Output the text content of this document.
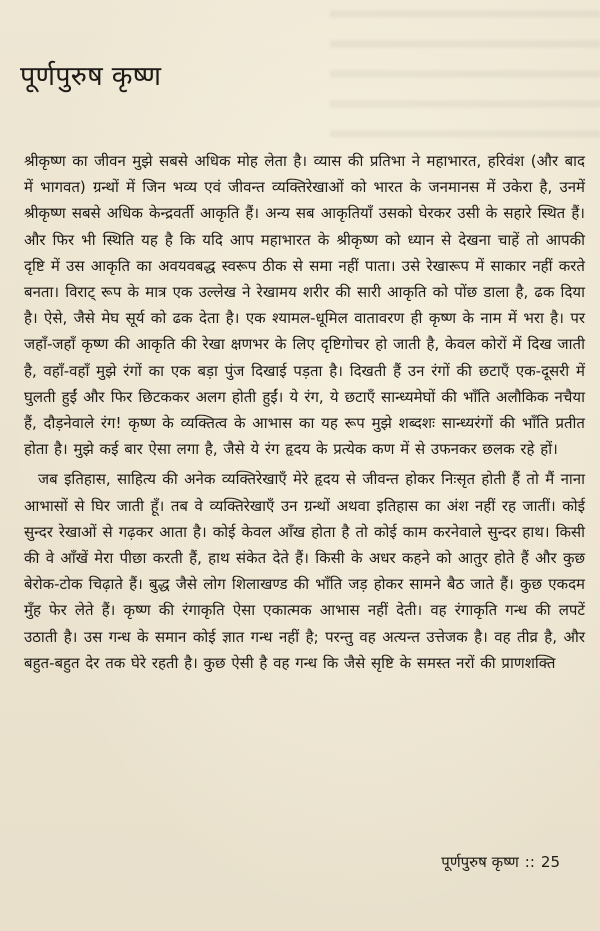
पूर्णपुरुष कृष्ण

श्रीकृष्ण का जीवन मुझे सबसे अधिक मोह लेता है। व्यास की प्रतिभा ने महाभारत, हरिवंश (और बाद में भागवत) ग्रन्थों में जिन भव्य एवं जीवन्त व्यक्तिरेखाओं को भारत के जनमानस में उकेरा है, उनमें श्रीकृष्ण सबसे अधिक केन्द्रवर्ती आकृति हैं। अन्य सब आकृतियाँ उसको घेरकर उसी के सहारे स्थित हैं। और फिर भी स्थिति यह है कि यदि आप महाभारत के श्रीकृष्ण को ध्यान से देखना चाहें तो आपकी दृष्टि में उस आकृति का अवयवबद्ध स्वरूप ठीक से समा नहीं पाता। उसे रेखारूप में साकार नहीं करते बनता। विराट् रूप के मात्र एक उल्लेख ने रेखामय शरीर की सारी आकृति को पोंछ डाला है, ढक दिया है। ऐसे, जैसे मेघ सूर्य को ढक देता है। एक श्यामल-धूमिल वातावरण ही कृष्ण के नाम में भरा है। पर जहाँ-जहाँ कृष्ण की आकृति की रेखा क्षणभर के लिए दृष्टिगोचर हो जाती है, केवल कोरों में दिख जाती है, वहाँ-वहाँ मुझे रंगों का एक बड़ा पुंज दिखाई पड़ता है। दिखती हैं उन रंगों की छटाएँ एक-दूसरी में घुलती हुईं और फिर छिटककर अलग होती हुईं। ये रंग, ये छटाएँ सान्ध्यमेघों की भाँति अलौकिक नचैया हैं, दौड़नेवाले रंग! कृष्ण के व्यक्तित्व के आभास का यह रूप मुझे शब्दशः सान्ध्यरंगों की भाँति प्रतीत होता है। मुझे कई बार ऐसा लगा है, जैसे ये रंग हृदय के प्रत्येक कण में से उफनकर छलक रहे हों।

जब इतिहास, साहित्य की अनेक व्यक्तिरेखाएँ मेरे हृदय से जीवन्त होकर निःसृत होती हैं तो मैं नाना आभासों से घिर जाती हूँ। तब वे व्यक्तिरेखाएँ उन ग्रन्थों अथवा इतिहास का अंश नहीं रह जातीं। कोई सुन्दर रेखाओं से गढ़कर आता है। कोई केवल आँख होता है तो कोई काम करनेवाले सुन्दर हाथ। किसी की वे आँखें मेरा पीछा करती हैं, हाथ संकेत देते हैं। किसी के अधर कहने को आतुर होते हैं और कुछ बेरोक-टोक चिढ़ाते हैं। बुद्ध जैसे लोग शिलाखण्ड की भाँति जड़ होकर सामने बैठ जाते हैं। कुछ एकदम मुँह फेर लेते हैं। कृष्ण की रंगाकृति ऐसा एकात्मक आभास नहीं देती। वह रंगाकृति गन्ध की लपटें उठाती है। उस गन्ध के समान कोई ज्ञात गन्ध नहीं है; परन्तु वह अत्यन्त उत्तेजक है। वह तीव्र है, और बहुत-बहुत देर तक घेरे रहती है। कुछ ऐसी है वह गन्ध कि जैसे सृष्टि के समस्त नरों की प्राणशक्ति

पूर्णपुरुष कृष्ण :: 25
